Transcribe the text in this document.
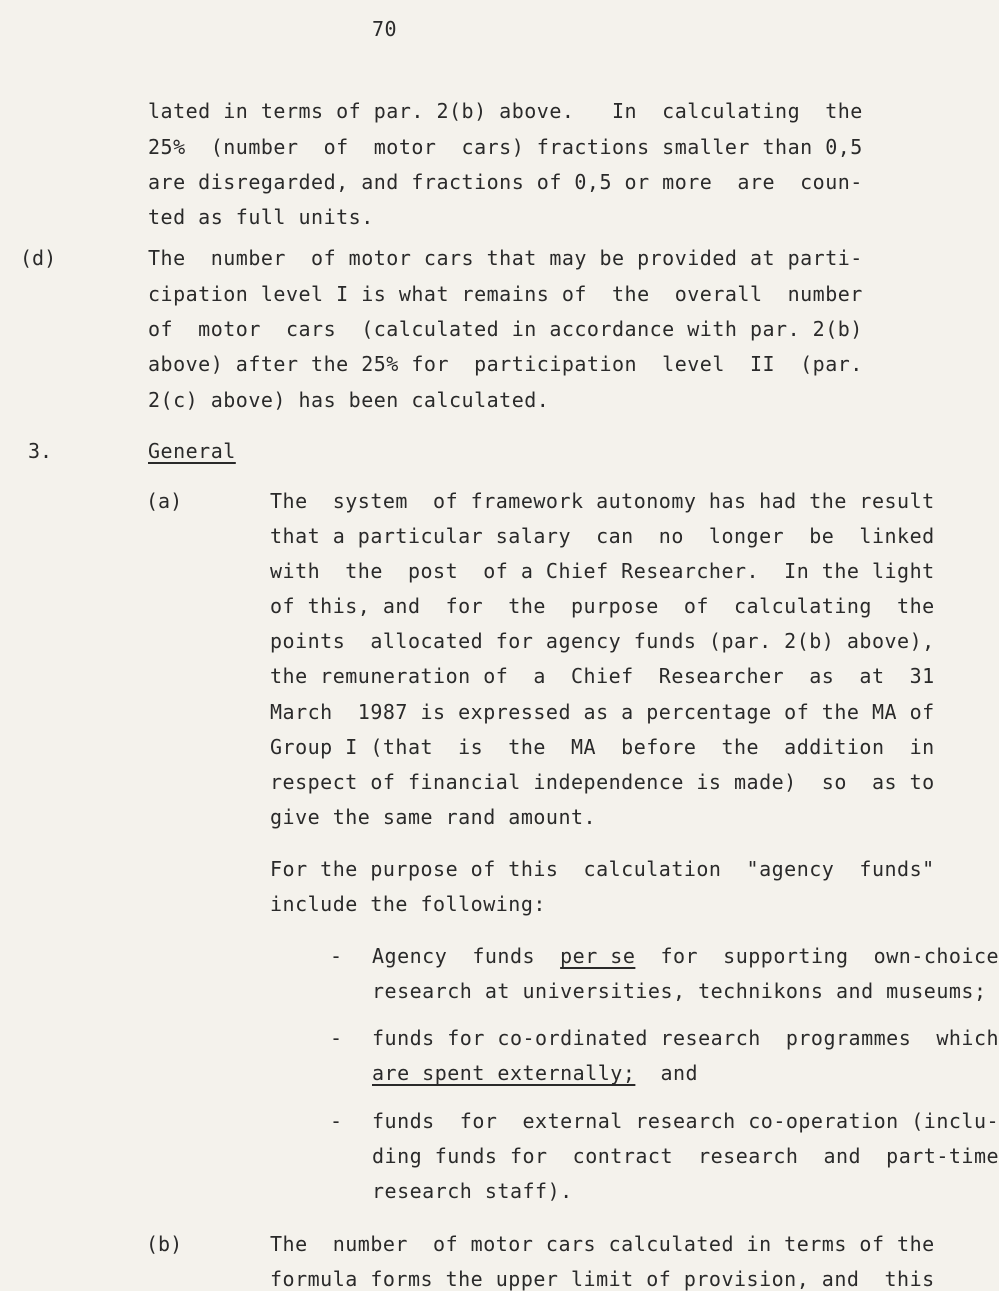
70
lated in terms of par. 2(b) above.   In  calculating  the
25%  (number  of  motor  cars) fractions smaller than 0,5
are disregarded, and fractions of 0,5 or more  are  coun-
ted as full units.
(d)	The  number  of motor cars that may be provided at parti-
cipation level I is what remains of  the  overall  number
of  motor  cars  (calculated in accordance with par. 2(b)
above) after the 25% for  participation  level  II  (par.
2(c) above) has been calculated.
3.	General
(a)	The  system  of framework autonomy has had the result
that a particular salary  can  no  longer  be  linked
with  the  post  of a Chief Researcher.  In the light
of this, and  for  the  purpose  of  calculating  the
points  allocated for agency funds (par. 2(b) above),
the remuneration of  a  Chief  Researcher  as  at  31
March  1987 is expressed as a percentage of the MA of
Group I (that  is  the  MA  before  the  addition  in
respect of financial independence is made)  so  as to
give the same rand amount.
For the purpose of this  calculation  "agency  funds"
include the following:
(b)	The  number  of motor cars calculated in terms of the
formula forms the upper limit of provision, and  this
- Agency  funds  per se  for  supporting  own-choice
research at universities, technikons and museums;
- funds for co-ordinated research  programmes  which
are spent externally;  and
- funds  for  external research co-operation (inclu-
ding funds for  contract  research  and  part-time
research staff).
